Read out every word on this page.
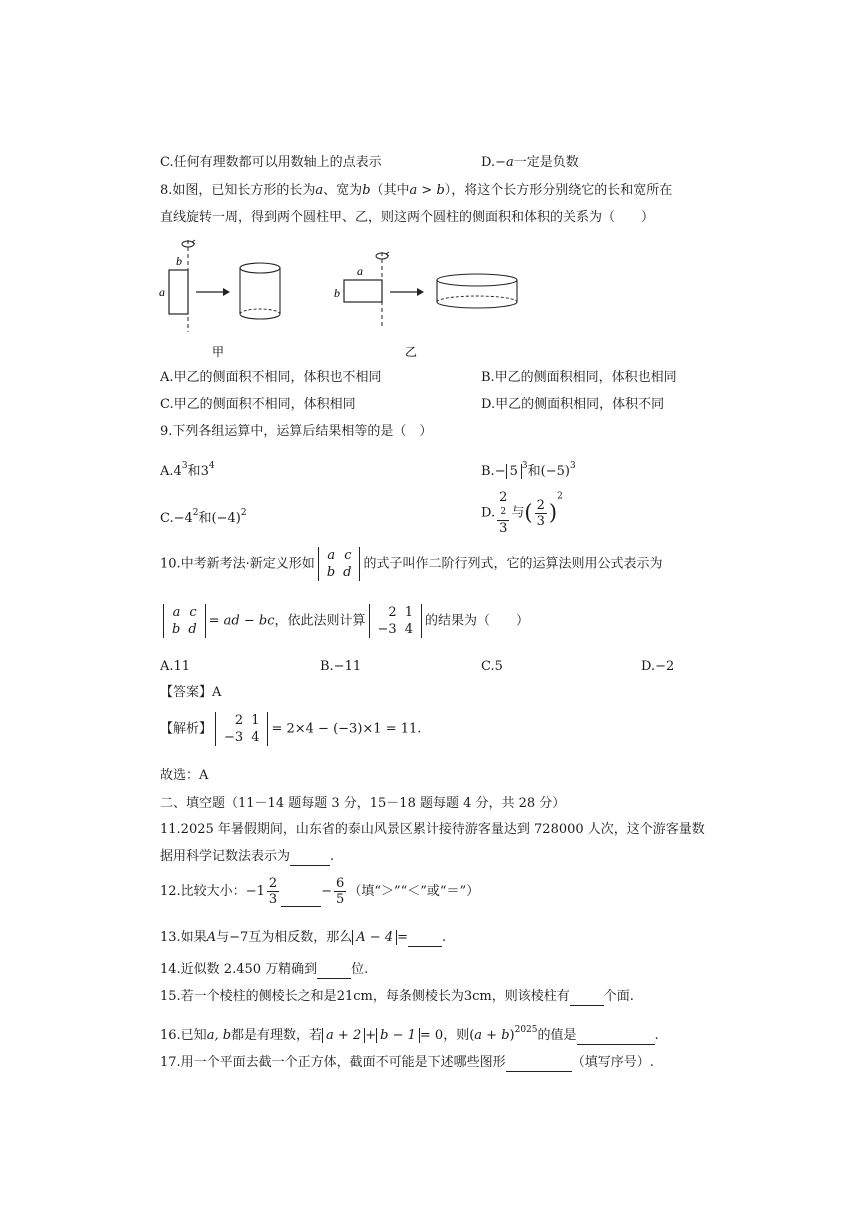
C.任何有理数都可以用数轴上的点表示	D.−a一定是负数
8.如图，已知长方形的长为a、宽为b（其中a > b），将这个长方形分别绕它的长和宽所在
直线旋转一周，得到两个圆柱甲、乙，则这两个圆柱的侧面积和体积的关系为（　　）
b
a
甲
a
b
乙
A.甲乙的侧面积不相同，体积也不相同	B.甲乙的侧面积相同，体积也相同
C.甲乙的侧面积不相同，体积相同	D.甲乙的侧面积相同，体积不同
9.下列各组运算中，运算后结果相等的是（　）
$A.4^3$和$3^4$	B.− 5 $^3$和$(-5)^3$
$C.-4^2$和$(-4)^2$	D. 2
2
3 与( $\frac{2}{3} )^2$
10.中考新考法·新定义形如
a	c
b	d
的式子叫作二阶行列式，它的运算法则用公式表示为
a	c
b	d
= ad − bc，依此法则计算
2	1
−3	4
的结果为（　　）
A.11	B.−11	C.5	D.−2
【答案】A
【解析】
2	1
−3	4
= 2×4 − (−3)×1 = 11.
故选：A
二、填空题（11－14 题每题 3 分，15－18 题每题 4 分，共 28 分）
11.2025 年暑假期间，山东省的泰山风景区累计接待游客量达到 728000 人次，这个游客量数
据用科学记数法表示为	.
12.比较大小：$-1 \frac{2}{3}$	− $\frac{6}{5}$ （填“＞”“＜”或“＝”）
13.如果A与−7互为相反数，那么 A − 4 =	.
14.近似数 2.450 万精确到	位.
15.若一个棱柱的侧棱长之和是21cm，每条侧棱长为3cm，则该棱柱有	个面.
16.已知a, b都是有理数，若 a + 2 + b − 1 = 0，则$(a + b)^{2025}$的值是	.
17.用一个平面去截一个正方体，截面不可能是下述哪些图形	（填写序号）.
